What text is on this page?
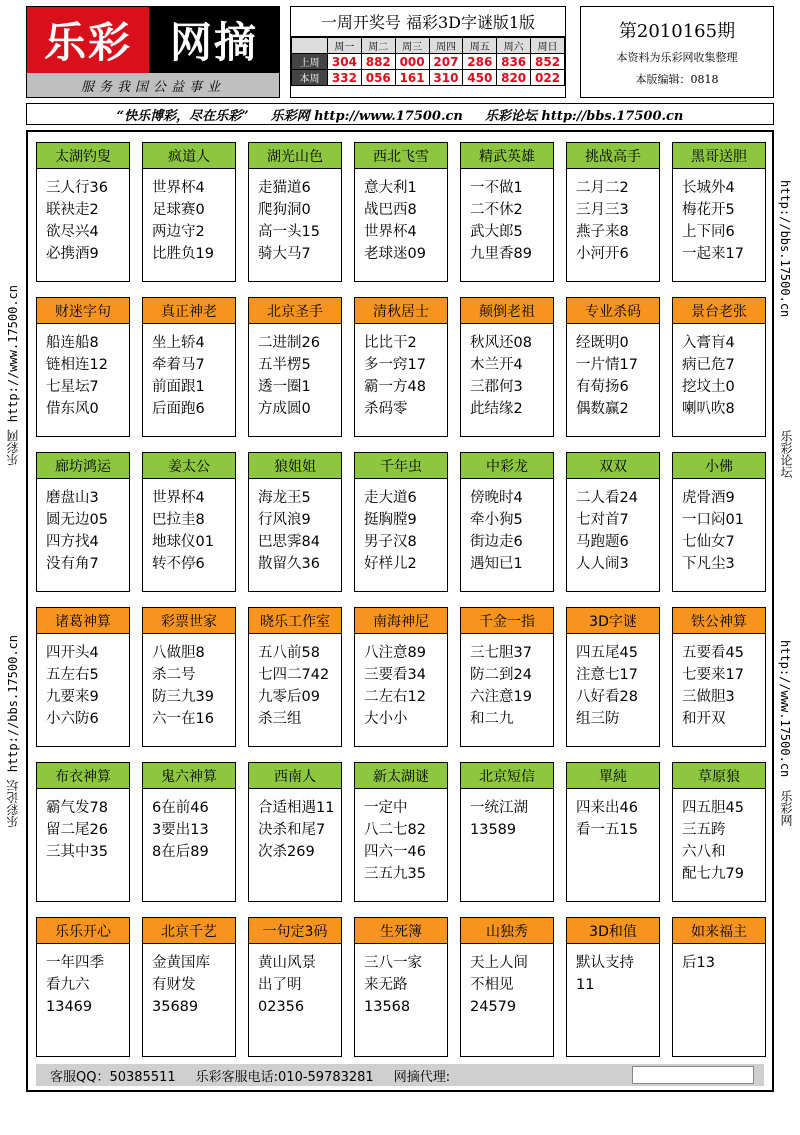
乐彩 网摘
服务我国公益事业
一周开奖号 福彩3D字谜版1版
	周一	周二	周三	周四	周五	周六	周日
上周	304	882	000	207	286	836	852
本周	332	056	161	310	450	820	022
第2010165期
本资料为乐彩网收集整理
本版编辑：0818
“快乐博彩，尽在乐彩” 乐彩网 http://www.17500.cn 乐彩论坛 http://bbs.17500.cn
乐彩网 http://www.17500.cn
乐彩论坛 http://bbs.17500.cn
http://bbs.17500.cn
乐彩论坛
http://www.17500.cn
乐彩网
太湖钓叟
三人行36
联袂走2
欲尽兴4
必携酒9
疯道人
世界杯4
足球赛0
两边守2
比胜负19
湖光山色
走猫道6
爬狗洞0
高一头15
骑大马7
西北飞雪
意大利1
战巴西8
世界杯4
老球迷09
精武英雄
一不做1
二不休2
武大郎5
九里香89
挑战高手
二月二2
三月三3
燕子来8
小河开6
黑哥送胆
长城外4
梅花开5
上下同6
一起来17
财迷字句
船连船8
链相连12
七星坛7
借东风0
真正神老
坐上轿4
牵着马7
前面跟1
后面跑6
北京圣手
二进制26
五半楞5
透一圈1
方成圆0
清秋居士
比比干2
多一窍17
霸一方48
杀码零
颠倒老祖
秋风还08
木兰开4
三郡何3
此结缘2
专业杀码
经既明0
一片情17
有荀扬6
偶数赢2
景台老张
入膏肓4
病已危7
挖坟土0
喇叭吹8
廊坊鸿运
磨盘山3
圆无边05
四方找4
没有角7
姜太公
世界杯4
巴拉圭8
地球仪01
转不停6
狼姐姐
海龙王5
行风浪9
巴思霁84
散留久36
千年虫
走大道6
挺胸膛9
男子汉8
好样儿2
中彩龙
傍晚时4
牵小狗5
街边走6
遇知已1
双双
二人看24
七对首7
马跑题6
人人闹3
小佛
虎骨酒9
一口闷01
七仙女7
下凡尘3
诸葛神算
四开头4
五左右5
九要来9
小六防6
彩票世家
八做胆8
杀二号
防三九39
六一在16
晓乐工作室
五八前58
七四二742
九零后09
杀三组
南海神尼
八注意89
三要看34
二左右12
大小小
千金一指
三七胆37
防二到24
六注意19
和二九
3D字谜
四五尾45
注意七17
八好看28
组三防
铁公神算
五要看45
七要来17
三做胆3
和开双
布衣神算
霸气发78
留二尾26
三其中35
鬼六神算
6在前46
3要出13
8在后89
西南人
合适相遇11
决杀和尾7
次杀269
新太湖谜
一定中
八二七82
四六一46
三五九35
北京短信
一统江湖
13589
單純
四来出46
看一五15
草原狼
四五胆45
三五跨
六八和
配七九79
乐乐开心
一年四季
看九六
13469
北京千艺
金黄国库
有财发
35689
一句定3码
黄山风景
出了明
02356
生死簿
三八一家
来无路
13568
山独秀
天上人间
不相见
24579
3D和值
默认支持
11
如来福主
后13
客服QQ：50385511 乐彩客服电话:010-59783281 网摘代理:
